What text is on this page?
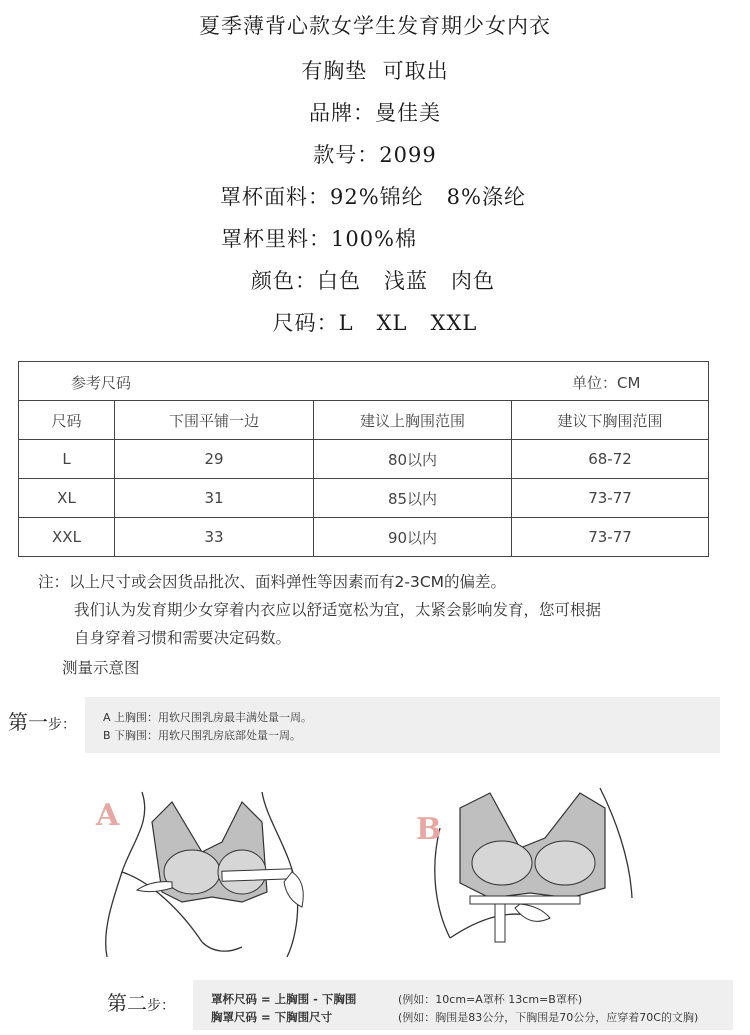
夏季薄背心款女学生发育期少女内衣
有胸垫  可取出
品牌：曼佳美
款号：2099
罩杯面料：92%锦纶   8%涤纶
罩杯里料：100%棉
颜色：白色   浅蓝   肉色
尺码：L   XL   XXL
参考尺码 单位：CM			

尺码	下围平铺一边	建议上胸围范围	建议下胸围范围
L	29	80以内	68-72
XL	31	85以内	73-77
XXL	33	90以内	73-77
注：以上尺寸或会因货品批次、面料弹性等因素而有2-3CM的偏差。
我们认为发育期少女穿着内衣应以舒适宽松为宜，太紧会影响发育，您可根据
自身穿着习惯和需要决定码数。
测量示意图
第一步： A 上胸围：用软尺围乳房最丰满处量一周。
B 下胸围：用软尺围乳房底部处量一周。
A	B
第二步：	罩杯尺码 = 上胸围 - 下胸围
胸罩尺码 = 下胸围尺寸
(例如：10cm=A罩杯 13cm=B罩杯)
(例如：胸围是83公分，下胸围是70公分，应穿着70C的文胸)
